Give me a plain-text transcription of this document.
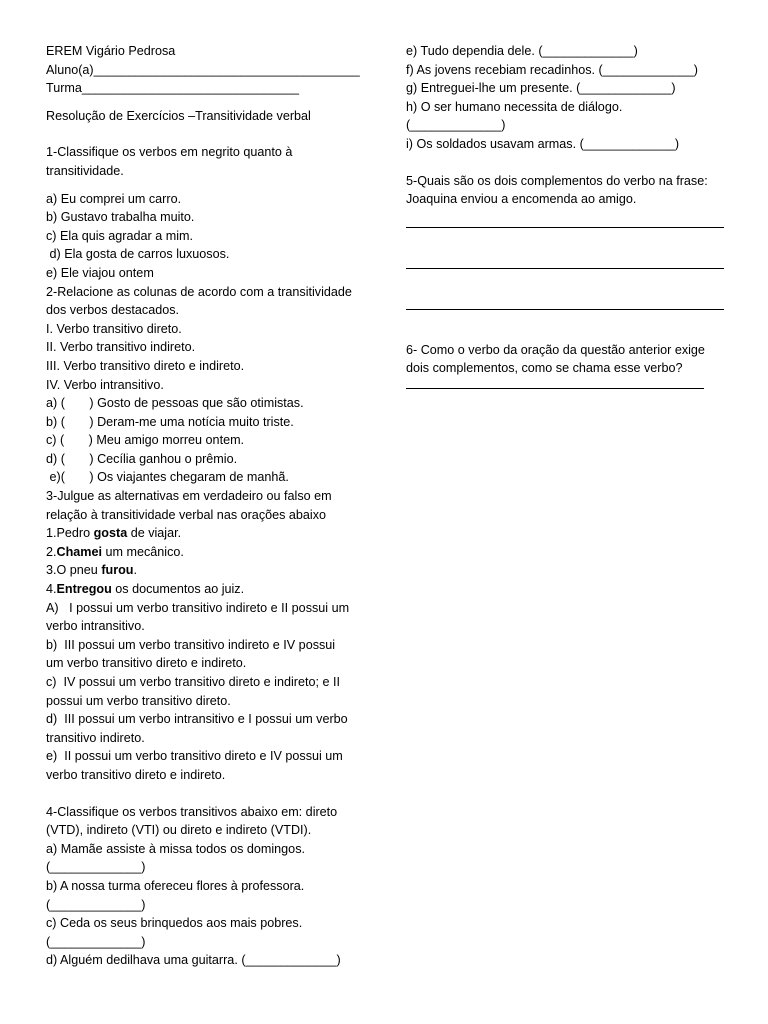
EREM Vigário Pedrosa
Aluno(a)______________________________________
Turma_______________________________
Resolução de Exercícios –Transitividade verbal
1-Classifique os verbos em negrito quanto à
transitividade.
a) Eu comprei um carro.
b) Gustavo trabalha muito.
c) Ela quis agradar a mim.
d) Ela gosta de carros luxuosos.
e) Ele viajou ontem
2-Relacione as colunas de acordo com a transitividade
dos verbos destacados.
I. Verbo transitivo direto.
II. Verbo transitivo indireto.
III. Verbo transitivo direto e indireto.
IV. Verbo intransitivo.
a) (       ) Gosto de pessoas que são otimistas.
b) (       ) Deram-me uma notícia muito triste.
c) (       ) Meu amigo morreu ontem.
d) (       ) Cecília ganhou o prêmio.
e)(       ) Os viajantes chegaram de manhã.
3-Julgue as alternativas em verdadeiro ou falso em
relação à transitividade verbal nas orações abaixo
1.Pedro gosta de viajar.
2.Chamei um mecânico.
3.O pneu furou.
4.Entregou os documentos ao juiz.
A)   I possui um verbo transitivo indireto e II possui um
verbo intransitivo.
b)  III possui um verbo transitivo indireto e IV possui
um verbo transitivo direto e indireto.
c)  IV possui um verbo transitivo direto e indireto; e II
possui um verbo transitivo direto.
d)  III possui um verbo intransitivo e I possui um verbo
transitivo indireto.
e)  II possui um verbo transitivo direto e IV possui um
verbo transitivo direto e indireto.
4-Classifique os verbos transitivos abaixo em: direto
(VTD), indireto (VTI) ou direto e indireto (VTDI).
a) Mamãe assiste à missa todos os domingos.
(_____________)
b) A nossa turma ofereceu flores à professora.
(_____________)
c) Ceda os seus brinquedos aos mais pobres.
(_____________)
d) Alguém dedilhava uma guitarra. (_____________)
e) Tudo dependia dele. (_____________)
f) As jovens recebiam recadinhos. (_____________)
g) Entreguei-lhe um presente. (_____________)
h) O ser humano necessita de diálogo.
(_____________)
i) Os soldados usavam armas. (_____________)
5-Quais são os dois complementos do verbo na frase:
Joaquina enviou a encomenda ao amigo.
6- Como o verbo da oração da questão anterior exige
dois complementos, como se chama esse verbo?
